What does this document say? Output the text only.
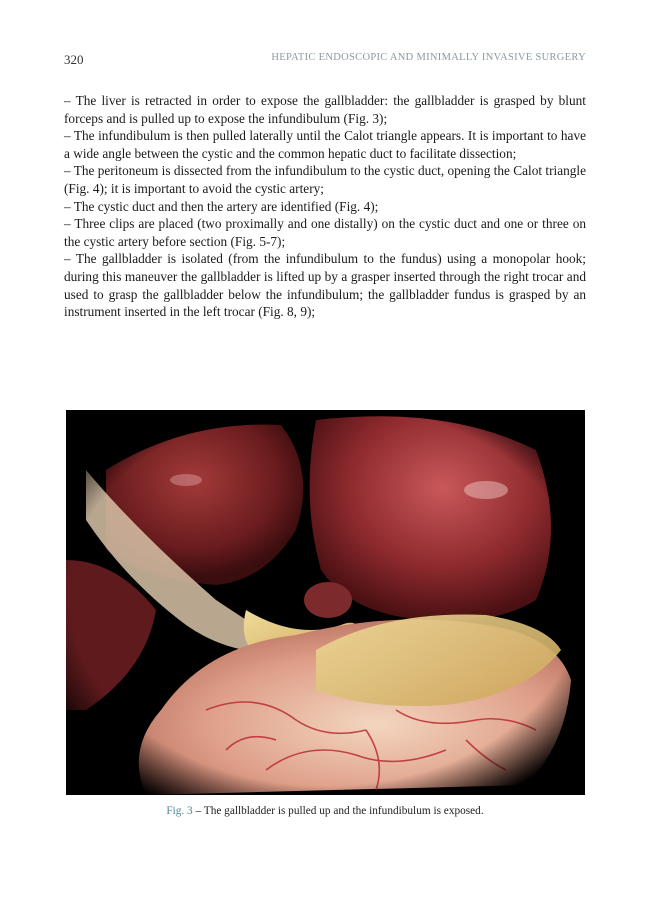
320	HEPATIC ENDOSCOPIC AND MINIMALLY INVASIVE SURGERY

– The liver is retracted in order to expose the gallbladder: the gallbladder is grasped by blunt forceps and is pulled up to expose the infundibulum (Fig. 3);

– The infundibulum is then pulled laterally until the Calot triangle appears. It is important to have a wide angle between the cystic and the common hepatic duct to facilitate dissection;

– The peritoneum is dissected from the infundibulum to the cystic duct, opening the Calot triangle (Fig. 4); it is important to avoid the cystic artery;

– The cystic duct and then the artery are identified (Fig. 4);

– Three clips are placed (two proximally and one distally) on the cystic duct and one or three on the cystic artery before section (Fig. 5-7);

– The gallbladder is isolated (from the infundibulum to the fundus) using a monopolar hook; during this maneuver the gallbladder is lifted up by a grasper inserted through the right trocar and used to grasp the gallbladder below the infundibulum; the gallbladder fundus is grasped by an instrument inserted in the left trocar (Fig. 8, 9);

Fig. 3 – The gallbladder is pulled up and the infundibulum is exposed.
